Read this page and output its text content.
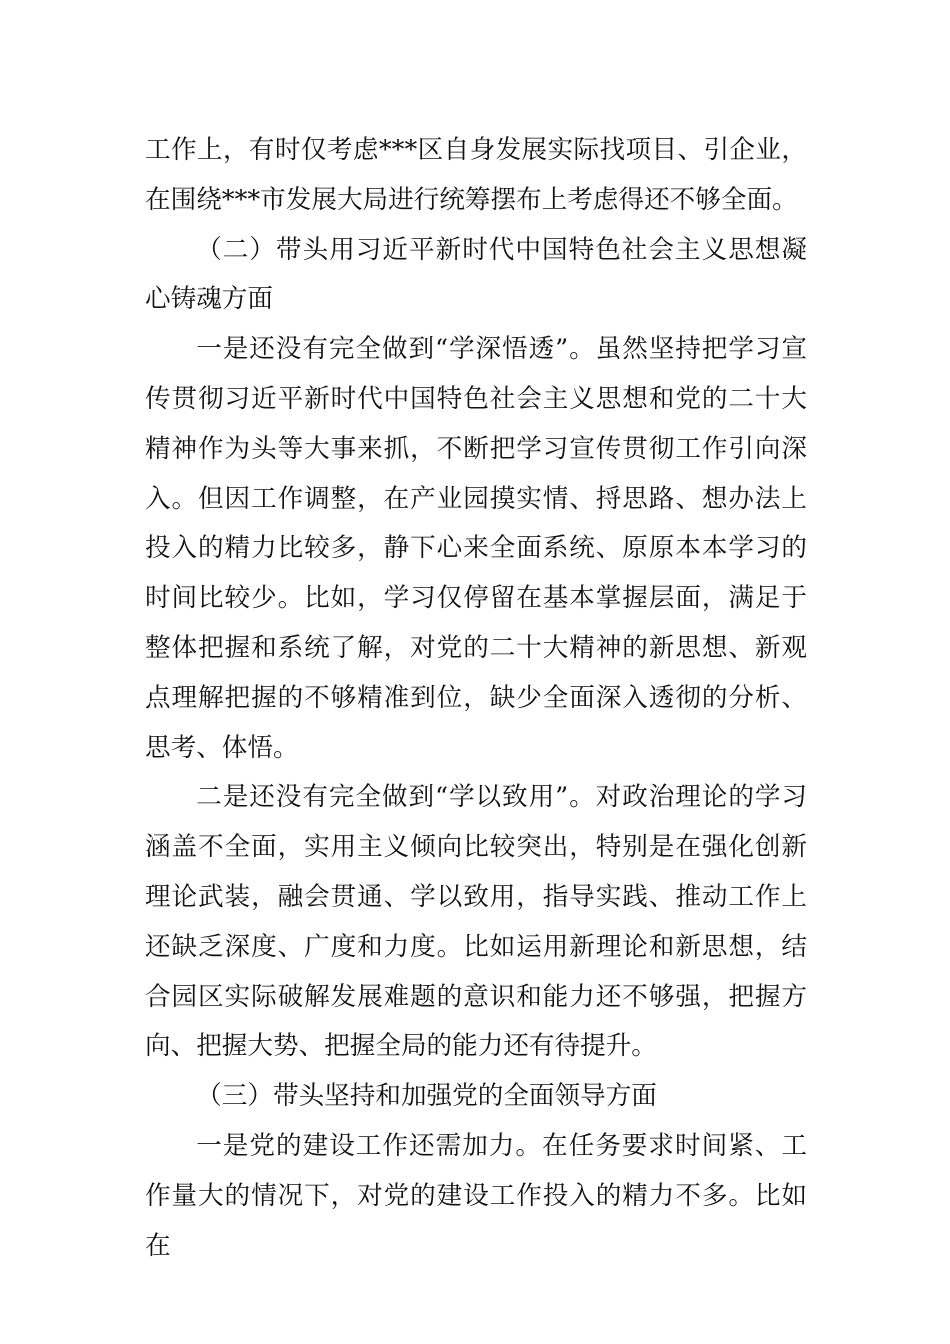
工作上，有时仅考虑***区自身发展实际找项目、引企业，在围绕***市发展大局进行统筹摆布上考虑得还不够全面。

（二）带头用习近平新时代中国特色社会主义思想凝心铸魂方面

一是还没有完全做到“学深悟透”。虽然坚持把学习宣传贯彻习近平新时代中国特色社会主义思想和党的二十大精神作为头等大事来抓，不断把学习宣传贯彻工作引向深入。但因工作调整，在产业园摸实情、捋思路、想办法上投入的精力比较多，静下心来全面系统、原原本本学习的时间比较少。比如，学习仅停留在基本掌握层面，满足于整体把握和系统了解，对党的二十大精神的新思想、新观点理解把握的不够精准到位，缺少全面深入透彻的分析、思考、体悟。

二是还没有完全做到“学以致用”。对政治理论的学习涵盖不全面，实用主义倾向比较突出，特别是在强化创新理论武装，融会贯通、学以致用，指导实践、推动工作上还缺乏深度、广度和力度。比如运用新理论和新思想，结合园区实际破解发展难题的意识和能力还不够强，把握方向、把握大势、把握全局的能力还有待提升。

（三）带头坚持和加强党的全面领导方面

一是党的建设工作还需加力。在任务要求时间紧、工作量大的情况下，对党的建设工作投入的精力不多。比如在
